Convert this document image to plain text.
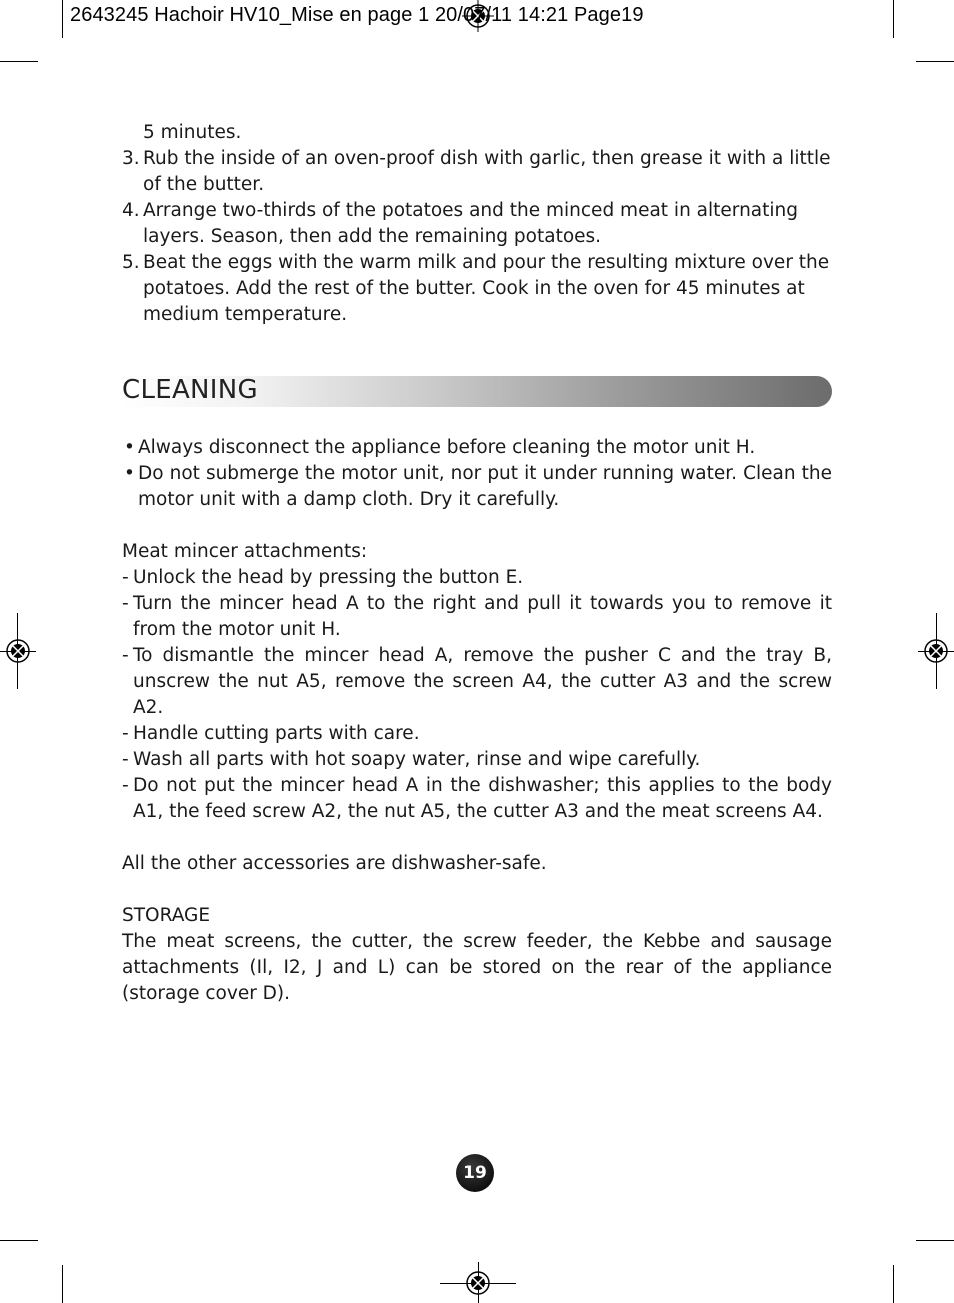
2643245 Hachoir HV10_Mise en page 1 20/07/11 14:21 Page19
5 minutes.
3. Rub the inside of an oven-proof dish with garlic, then grease it with a little of the butter.
4. Arrange two-thirds of the potatoes and the minced meat in alternating layers. Season, then add the remaining potatoes.
5. Beat the eggs with the warm milk and pour the resulting mixture over the potatoes. Add the rest of the butter. Cook in the oven for 45 minutes at medium temperature.
CLEANING
• Always disconnect the appliance before cleaning the motor unit H.
• Do not submerge the motor unit, nor put it under running water. Clean the motor unit with a damp cloth. Dry it carefully.

Meat mincer attachments:

- Unlock the head by pressing the button E.
- Turn the mincer head A to the right and pull it towards you to remove it from the motor unit H.
- To dismantle the mincer head A, remove the pusher C and the tray B, unscrew the nut A5, remove the screen A4, the cutter A3 and the screw A2.
- Handle cutting parts with care.
- Wash all parts with hot soapy water, rinse and wipe carefully.
- Do not put the mincer head A in the dishwasher; this applies to the body A1, the feed screw A2, the nut A5, the cutter A3 and the meat screens A4.

All the other accessories are dishwasher-safe.

STORAGE

The meat screens, the cutter, the screw feeder, the Kebbe and sausage attachments (Il, I2, J and L) can be stored on the rear of the appliance (storage cover D).

19
